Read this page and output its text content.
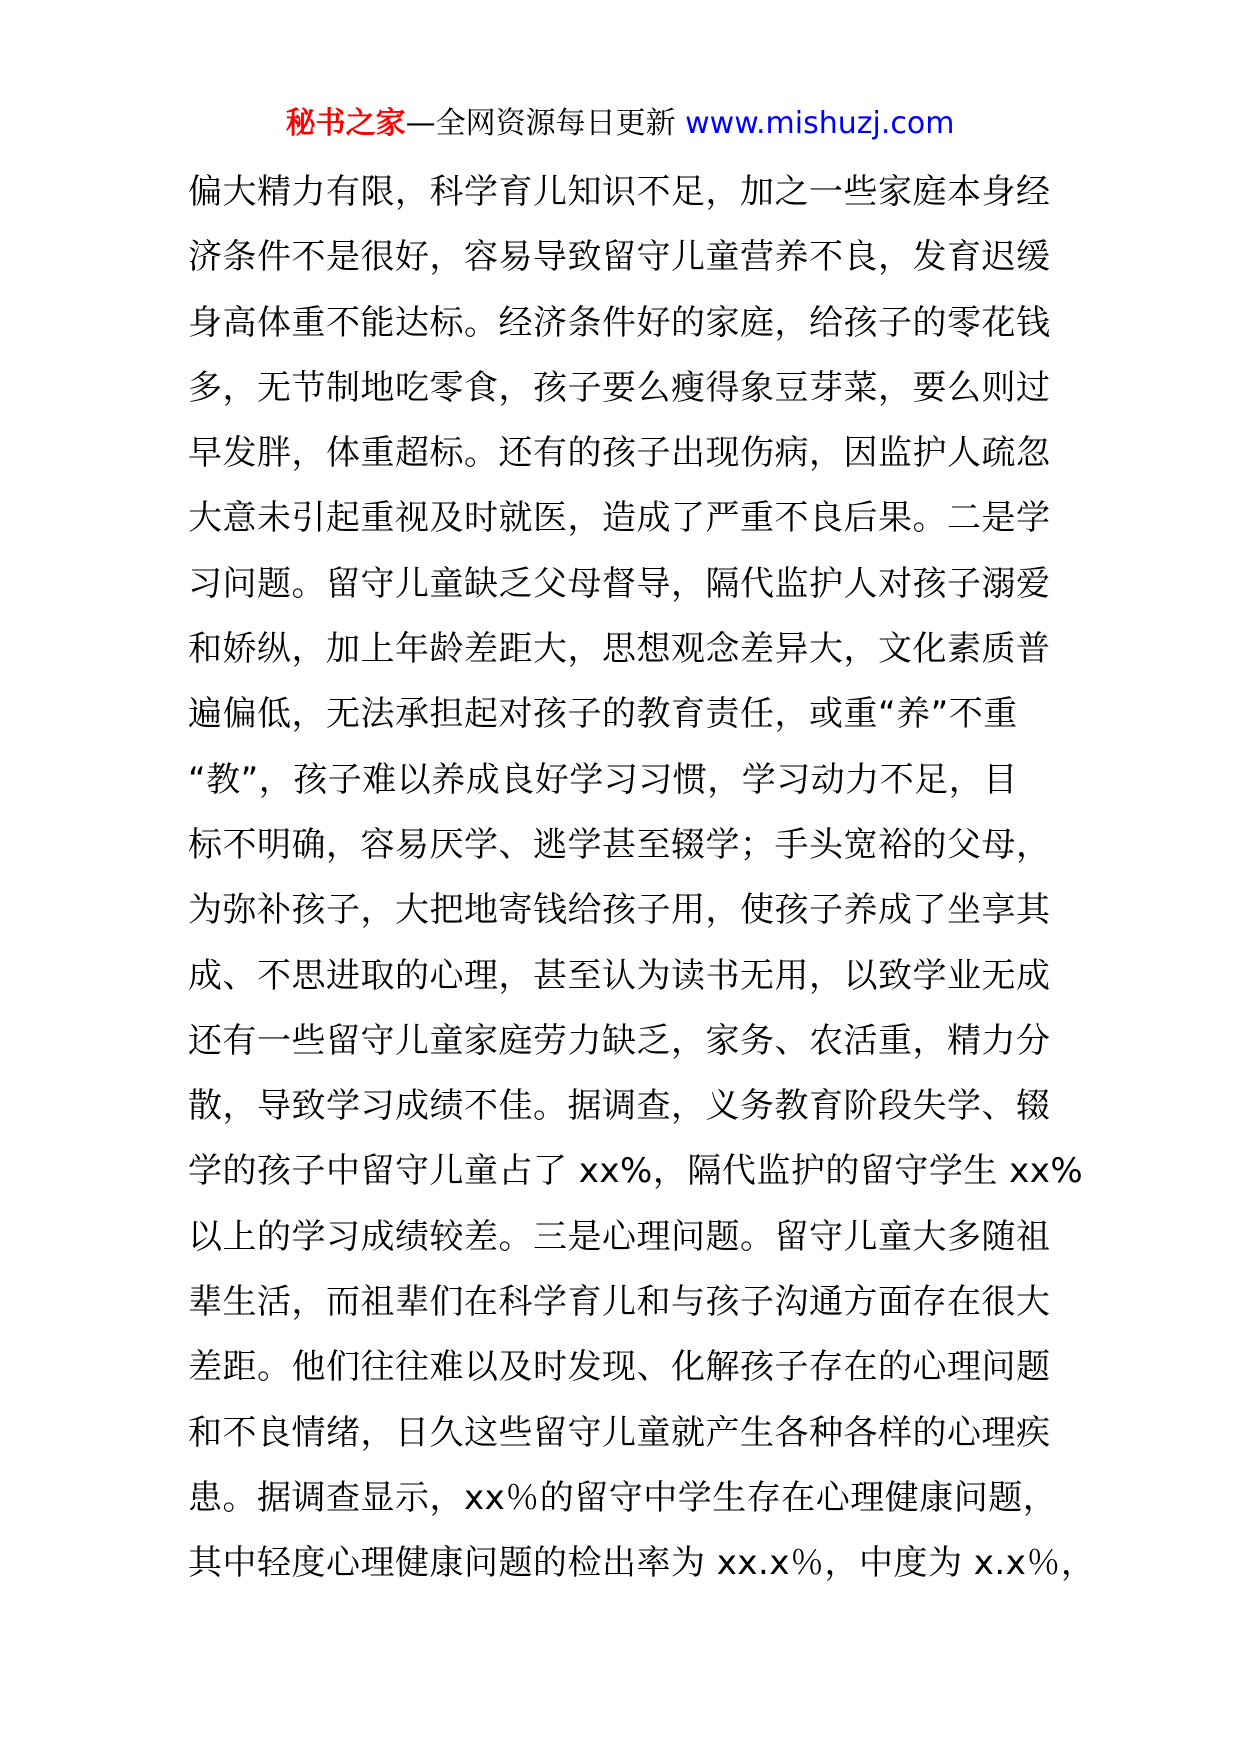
秘书之家—全网资源每日更新 www.mishuzj.com
偏大精力有限，科学育儿知识不足，加之一些家庭本身经
济条件不是很好，容易导致留守儿童营养不良，发育迟缓
身高体重不能达标。经济条件好的家庭，给孩子的零花钱
多，无节制地吃零食，孩子要么瘦得象豆芽菜，要么则过
早发胖，体重超标。还有的孩子出现伤病，因监护人疏忽
大意未引起重视及时就医，造成了严重不良后果。二是学
习问题。留守儿童缺乏父母督导，隔代监护人对孩子溺爱
和娇纵，加上年龄差距大，思想观念差异大，文化素质普
遍偏低，无法承担起对孩子的教育责任，或重“养”不重
“教”，孩子难以养成良好学习习惯，学习动力不足，目
标不明确，容易厌学、逃学甚至辍学；手头宽裕的父母，
为弥补孩子，大把地寄钱给孩子用，使孩子养成了坐享其
成、不思进取的心理，甚至认为读书无用，以致学业无成
还有一些留守儿童家庭劳力缺乏，家务、农活重，精力分
散，导致学习成绩不佳。据调查，义务教育阶段失学、辍
学的孩子中留守儿童占了 xx%，隔代监护的留守学生 xx%
以上的学习成绩较差。三是心理问题。留守儿童大多随祖
辈生活，而祖辈们在科学育儿和与孩子沟通方面存在很大
差距。他们往往难以及时发现、化解孩子存在的心理问题
和不良情绪，日久这些留守儿童就产生各种各样的心理疾
患。据调查显示，xx％的留守中学生存在心理健康问题，
其中轻度心理健康问题的检出率为 xx.x％，中度为 x.x％，
